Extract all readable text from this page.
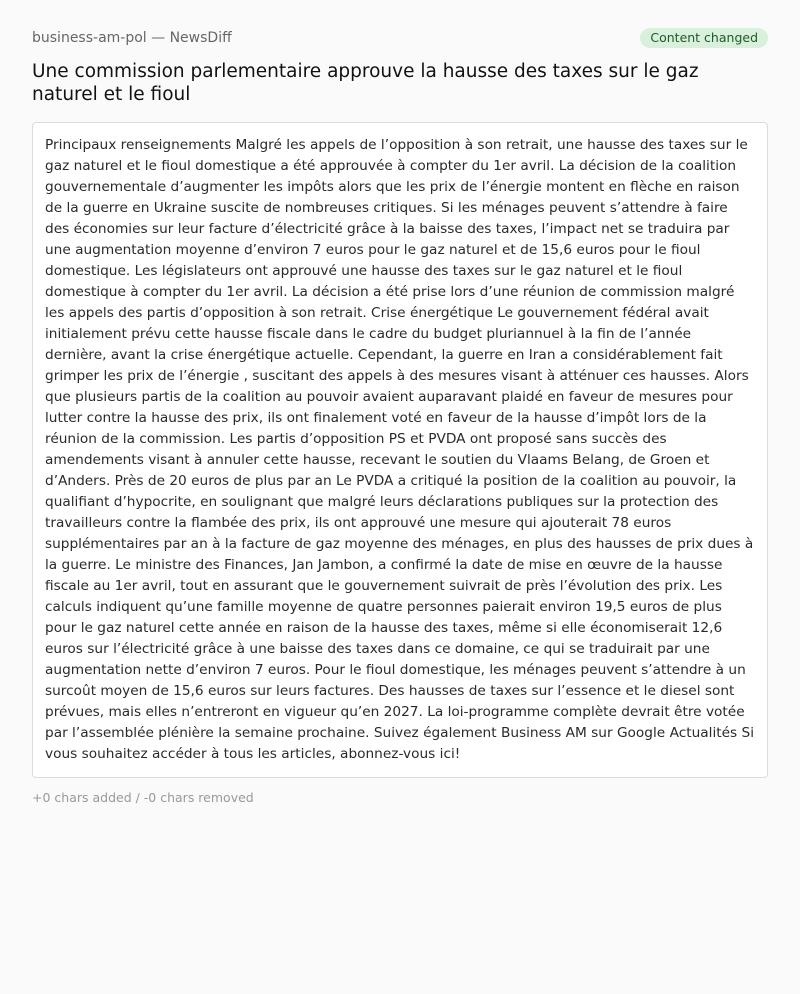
business-am-pol — NewsDiff	Content changed
Une commission parlementaire approuve la hausse des taxes sur le gaz naturel et le fioul

Principaux renseignements Malgré les appels de l’opposition à son retrait, une hausse des taxes sur le gaz naturel et le fioul domestique a été approuvée à compter du 1er avril. La décision de la coalition gouvernementale d’augmenter les impôts alors que les prix de l’énergie montent en flèche en raison de la guerre en Ukraine suscite de nombreuses critiques. Si les ménages peuvent s’attendre à faire des économies sur leur facture d’électricité grâce à la baisse des taxes, l’impact net se traduira par une augmentation moyenne d’environ 7 euros pour le gaz naturel et de 15,6 euros pour le fioul domestique. Les législateurs ont approuvé une hausse des taxes sur le gaz naturel et le fioul domestique à compter du 1er avril. La décision a été prise lors d’une réunion de commission malgré les appels des partis d’opposition à son retrait. Crise énergétique Le gouvernement fédéral avait initialement prévu cette hausse fiscale dans le cadre du budget pluriannuel à la fin de l’année dernière, avant la crise énergétique actuelle. Cependant, la guerre en Iran a considérablement fait grimper les prix de l’énergie , suscitant des appels à des mesures visant à atténuer ces hausses. Alors que plusieurs partis de la coalition au pouvoir avaient auparavant plaidé en faveur de mesures pour lutter contre la hausse des prix, ils ont finalement voté en faveur de la hausse d’impôt lors de la réunion de la commission. Les partis d’opposition PS et PVDA ont proposé sans succès des amendements visant à annuler cette hausse, recevant le soutien du Vlaams Belang, de Groen et d’Anders. Près de 20 euros de plus par an Le PVDA a critiqué la position de la coalition au pouvoir, la qualifiant d’hypocrite, en soulignant que malgré leurs déclarations publiques sur la protection des travailleurs contre la flambée des prix, ils ont approuvé une mesure qui ajouterait 78 euros supplémentaires par an à la facture de gaz moyenne des ménages, en plus des hausses de prix dues à la guerre. Le ministre des Finances, Jan Jambon, a confirmé la date de mise en œuvre de la hausse fiscale au 1er avril, tout en assurant que le gouvernement suivrait de près l’évolution des prix. Les calculs indiquent qu’une famille moyenne de quatre personnes paierait environ 19,5 euros de plus pour le gaz naturel cette année en raison de la hausse des taxes, même si elle économiserait 12,6 euros sur l’électricité grâce à une baisse des taxes dans ce domaine, ce qui se traduirait par une augmentation nette d’environ 7 euros. Pour le fioul domestique, les ménages peuvent s’attendre à un surcoût moyen de 15,6 euros sur leurs factures. Des hausses de taxes sur l’essence et le diesel sont prévues, mais elles n’entreront en vigueur qu’en 2027. La loi-programme complète devrait être votée par l’assemblée plénière la semaine prochaine. Suivez également Business AM sur Google Actualités Si vous souhaitez accéder à tous les articles, abonnez-vous ici!

+0 chars added / -0 chars removed
